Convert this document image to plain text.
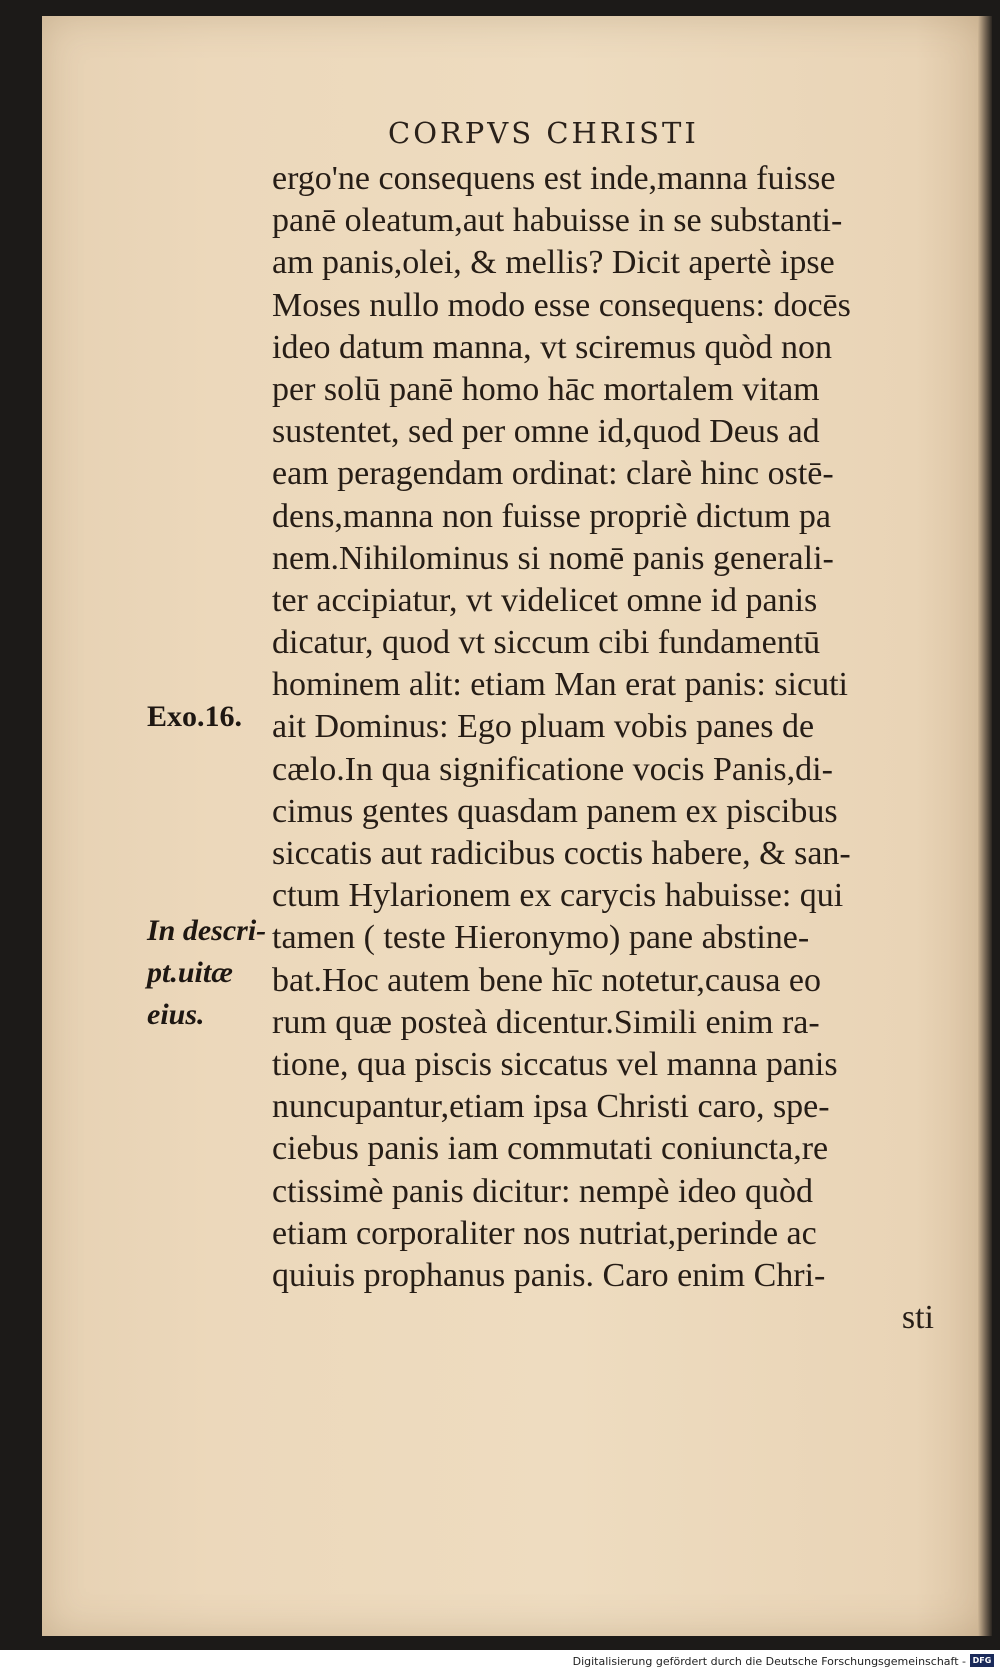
CORPVS CHRISTI
ergo'ne consequens est inde,manna fuisse
panē oleatum,aut habuisse in se substanti-
am panis,olei, & mellis? Dicit apertè ipse
Moses nullo modo esse consequens: docēs
ideo datum manna, vt sciremus quòd non
per solū panē homo hāc mortalem vitam
sustentet, sed per omne id,quod Deus ad
eam peragendam ordinat: clarè hinc ostē-
dens,manna non fuisse propriè dictum pa
nem.Nihilominus si nomē panis generali-
ter accipiatur, vt videlicet omne id panis
dicatur, quod vt siccum cibi fundamentū
hominem alit: etiam Man erat panis: sicuti
ait Dominus: Ego pluam vobis panes de
cælo.In qua significatione vocis Panis,di-
cimus gentes quasdam panem ex piscibus
siccatis aut radicibus coctis habere, & san-
ctum Hylarionem ex caryсis habuisse: qui
tamen ( teste Hieronymo) pane abstine-
bat.Hoc autem bene hīc notetur,causa eo
rum quæ posteà dicentur.Simili enim ra-
tione, qua piscis siccatus vel manna panis
nuncupantur,etiam ipsa Christi caro, spe-
ciebus panis iam commutati coniuncta,re
ctissimè panis dicitur: nempè ideo quòd
etiam corporaliter nos nutriat,perinde ac
quiuis prophanus panis. Caro enim Chri-
sti
Exo.16.
In descri-
pt.uitæ
eius.
Digitalisierung gefördert durch die Deutsche Forschungsgemeinschaft - DFG
